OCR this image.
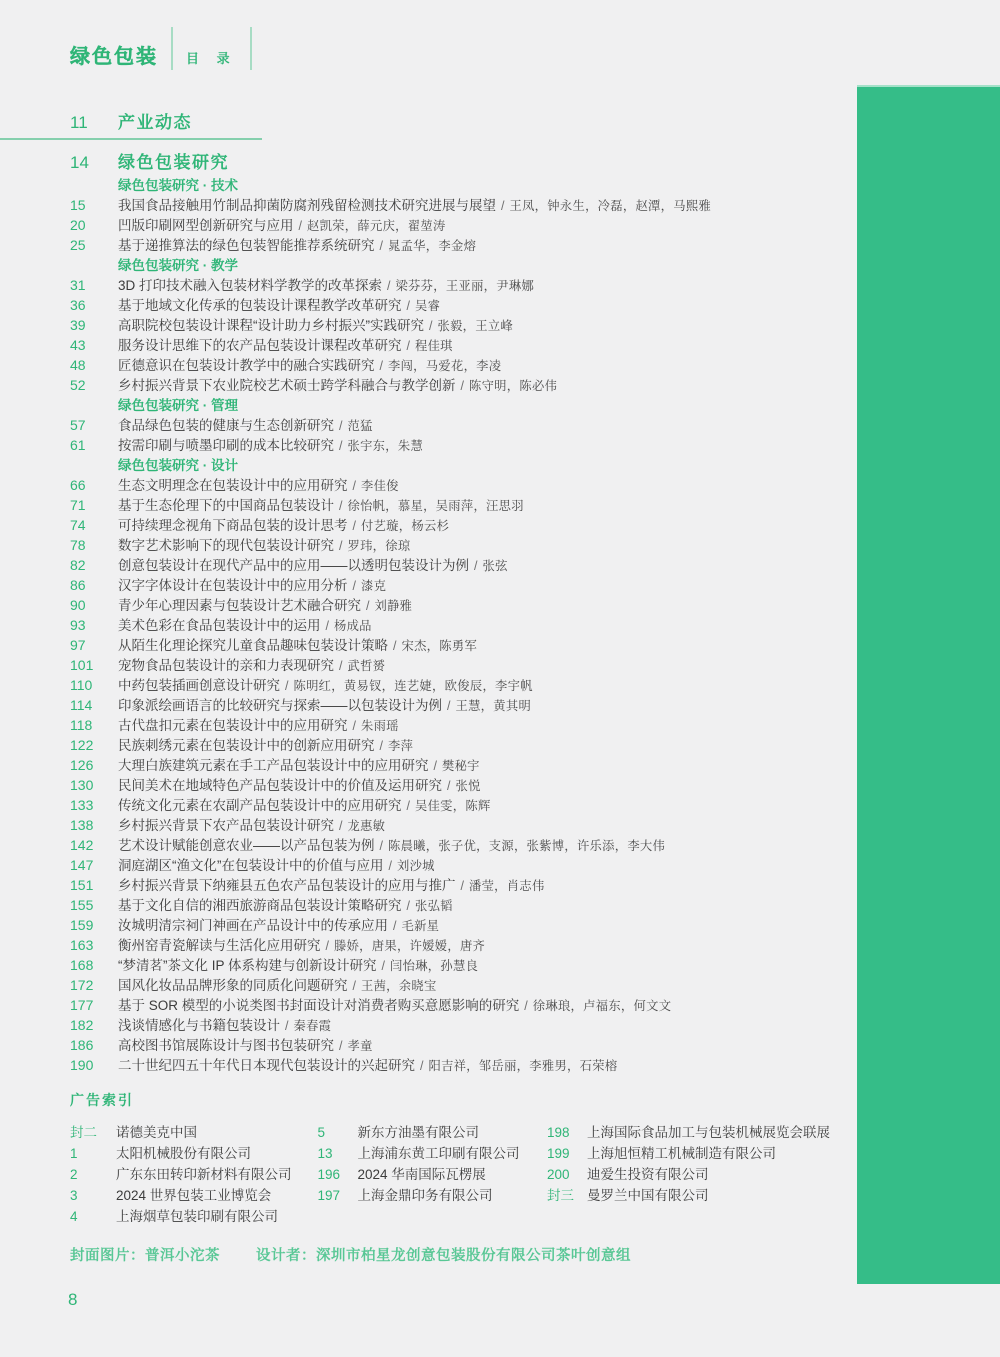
绿色包装 目 录
11	产业动态
14	绿色包装研究
绿色包装研究 · 技术
15	我国食品接触用竹制品抑菌防腐剂残留检测技术研究进展与展望 / 王凤，钟永生，冷磊，赵潭，马熙雅
20	凹版印刷网型创新研究与应用 / 赵凯荣，薛元庆，翟堃涛
25	基于递推算法的绿色包装智能推荐系统研究 / 晁孟华，李金熔
绿色包装研究 · 教学
31	3D 打印技术融入包装材料学教学的改革探索 / 梁芬芬，王亚丽，尹琳娜
36	基于地域文化传承的包装设计课程教学改革研究 / 吴睿
39	高职院校包装设计课程“设计助力乡村振兴”实践研究 / 张毅，王立峰
43	服务设计思维下的农产品包装设计课程改革研究 / 程佳琪
48	匠德意识在包装设计教学中的融合实践研究 / 李闯，马爱花，李凌
52	乡村振兴背景下农业院校艺术硕士跨学科融合与教学创新 / 陈守明，陈必伟
绿色包装研究 · 管理
57	食品绿色包装的健康与生态创新研究 / 范猛
61	按需印刷与喷墨印刷的成本比较研究 / 张宇东，朱慧
绿色包装研究 · 设计
66	生态文明理念在包装设计中的应用研究 / 李佳俊
71	基于生态伦理下的中国商品包装设计 / 徐怡帆，慕星，吴雨萍，汪思羽
74	可持续理念视角下商品包装的设计思考 / 付艺璇，杨云杉
78	数字艺术影响下的现代包装设计研究 / 罗玮，徐琼
82	创意包装设计在现代产品中的应用——以透明包装设计为例 / 张弦
86	汉字字体设计在包装设计中的应用分析 / 漆克
90	青少年心理因素与包装设计艺术融合研究 / 刘静雅
93	美术色彩在食品包装设计中的运用 / 杨成品
97	从陌生化理论探究儿童食品趣味包装设计策略 / 宋杰，陈勇军
101	宠物食品包装设计的亲和力表现研究 / 武哲赟
110	中药包装插画创意设计研究 / 陈明红，黄易钗，连艺婕，欧俊辰，李宇帆
114	印象派绘画语言的比较研究与探索——以包装设计为例 / 王慧，黄其明
118	古代盘扣元素在包装设计中的应用研究 / 朱雨瑶
122	民族刺绣元素在包装设计中的创新应用研究 / 李萍
126	大理白族建筑元素在手工产品包装设计中的应用研究 / 樊秘宇
130	民间美术在地域特色产品包装设计中的价值及运用研究 / 张悦
133	传统文化元素在农副产品包装设计中的应用研究 / 吴佳雯，陈辉
138	乡村振兴背景下农产品包装设计研究 / 龙惠敏
142	艺术设计赋能创意农业——以产品包装为例 / 陈晨曦，张子优，支源，张紫博，许乐添，李大伟
147	洞庭湖区“渔文化”在包装设计中的价值与应用 / 刘沙城
151	乡村振兴背景下纳雍县五色农产品包装设计的应用与推广 / 潘莹，肖志伟
155	基于文化自信的湘西旅游商品包装设计策略研究 / 张弘韬
159	汝城明清宗祠门神画在产品设计中的传承应用 / 毛新星
163	衡州窑青瓷解读与生活化应用研究 / 滕娇，唐果，许嫒嫒，唐齐
168	“梦清茗”茶文化 IP 体系构建与创新设计研究 / 闫怡琳，孙慧良
172	国风化妆品品牌形象的同质化问题研究 / 王茜，余晓宝
177	基于 SOR 模型的小说类图书封面设计对消费者购买意愿影响的研究 / 徐琳琅，卢福东，何文文
182	浅谈情感化与书籍包装设计 / 秦春霞
186	高校图书馆展陈设计与图书包装研究 / 孝童
190	二十世纪四五十年代日本现代包装设计的兴起研究 / 阳吉祥，邹岳丽，李雅男，石荣榕
广告索引
封二	诺德美克中国
1	太阳机械股份有限公司
2	广东东田转印新材料有限公司
3	2024 世界包装工业博览会
4	上海烟草包装印刷有限公司
5	新东方油墨有限公司
13	上海浦东黄工印刷有限公司
196	2024 华南国际瓦楞展
197	上海金鼎印务有限公司
198	上海国际食品加工与包装机械展览会联展
199	上海旭恒精工机械制造有限公司
200	迪爱生投资有限公司
封三 曼罗兰中国有限公司
封面图片：普洱小沱茶 设计者：深圳市柏星龙创意包装股份有限公司茶叶创意组
8
